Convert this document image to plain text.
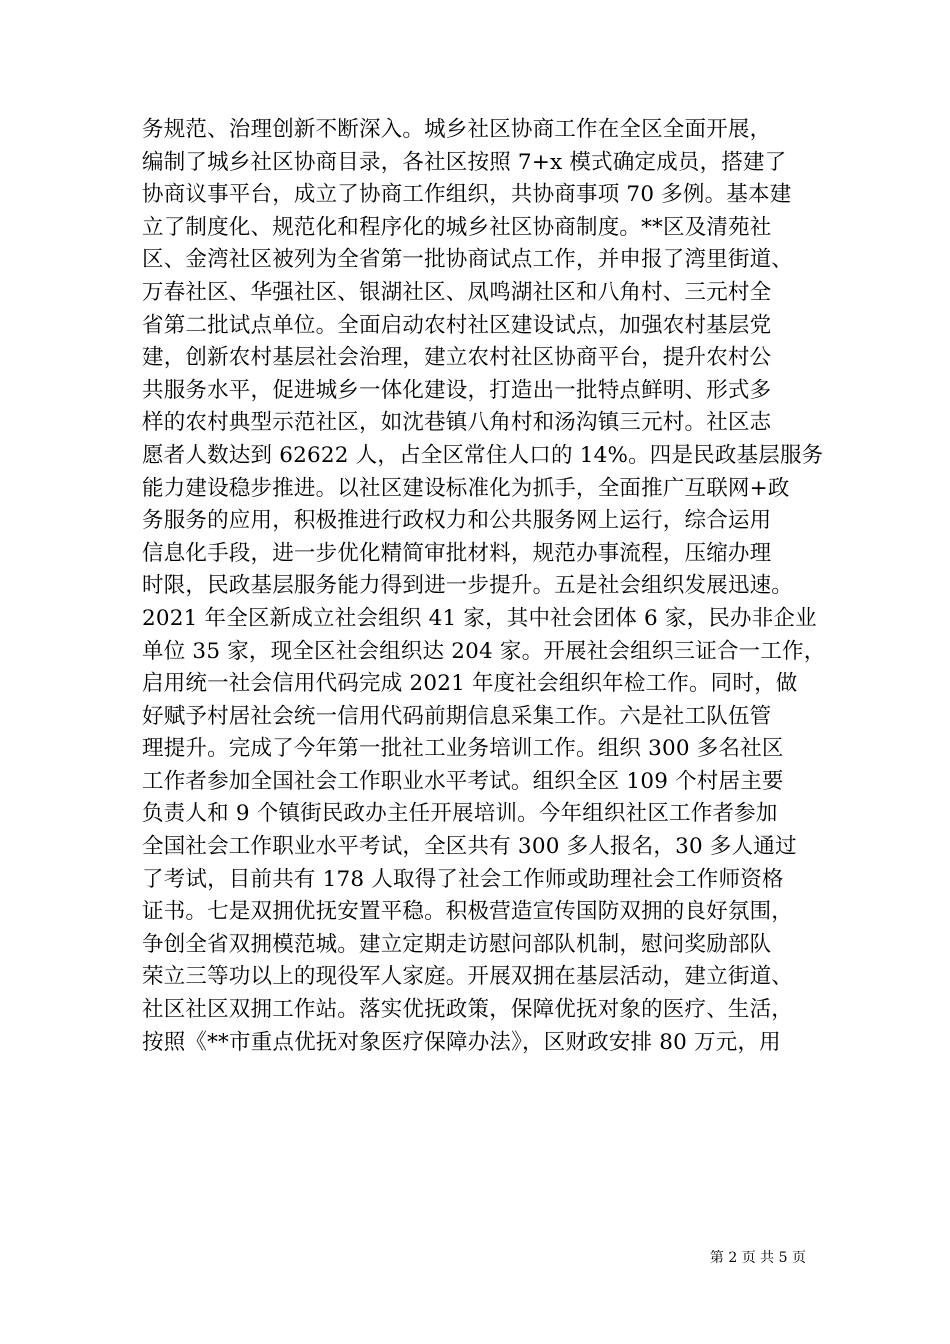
务规范、治理创新不断深入。城乡社区协商工作在全区全面开展，
编制了城乡社区协商目录，各社区按照 7+x 模式确定成员，搭建了
协商议事平台，成立了协商工作组织，共协商事项 70 多例。基本建
立了制度化、规范化和程序化的城乡社区协商制度。**区及清苑社
区、金湾社区被列为全省第一批协商试点工作，并申报了湾里街道、
万春社区、华强社区、银湖社区、凤鸣湖社区和八角村、三元村全
省第二批试点单位。全面启动农村社区建设试点，加强农村基层党
建，创新农村基层社会治理，建立农村社区协商平台，提升农村公
共服务水平，促进城乡一体化建设，打造出一批特点鲜明、形式多
样的农村典型示范社区，如沈巷镇八角村和汤沟镇三元村。社区志
愿者人数达到 62622 人，占全区常住人口的 14%。四是民政基层服务
能力建设稳步推进。以社区建设标准化为抓手，全面推广互联网+政
务服务的应用，积极推进行政权力和公共服务网上运行，综合运用
信息化手段，进一步优化精简审批材料，规范办事流程，压缩办理
时限，民政基层服务能力得到进一步提升。五是社会组织发展迅速。
2021 年全区新成立社会组织 41 家，其中社会团体 6 家，民办非企业
单位 35 家，现全区社会组织达 204 家。开展社会组织三证合一工作，
启用统一社会信用代码完成 2021 年度社会组织年检工作。同时，做
好赋予村居社会统一信用代码前期信息采集工作。六是社工队伍管
理提升。完成了今年第一批社工业务培训工作。组织 300 多名社区
工作者参加全国社会工作职业水平考试。组织全区 109 个村居主要
负责人和 9 个镇街民政办主任开展培训。今年组织社区工作者参加
全国社会工作职业水平考试，全区共有 300 多人报名，30 多人通过
了考试，目前共有 178 人取得了社会工作师或助理社会工作师资格
证书。七是双拥优抚安置平稳。积极营造宣传国防双拥的良好氛围，
争创全省双拥模范城。建立定期走访慰问部队机制，慰问奖励部队
荣立三等功以上的现役军人家庭。开展双拥在基层活动，建立街道、
社区社区双拥工作站。落实优抚政策，保障优抚对象的医疗、生活，
按照《**市重点优抚对象医疗保障办法》，区财政安排 80 万元，用
第 2 页 共 5 页
